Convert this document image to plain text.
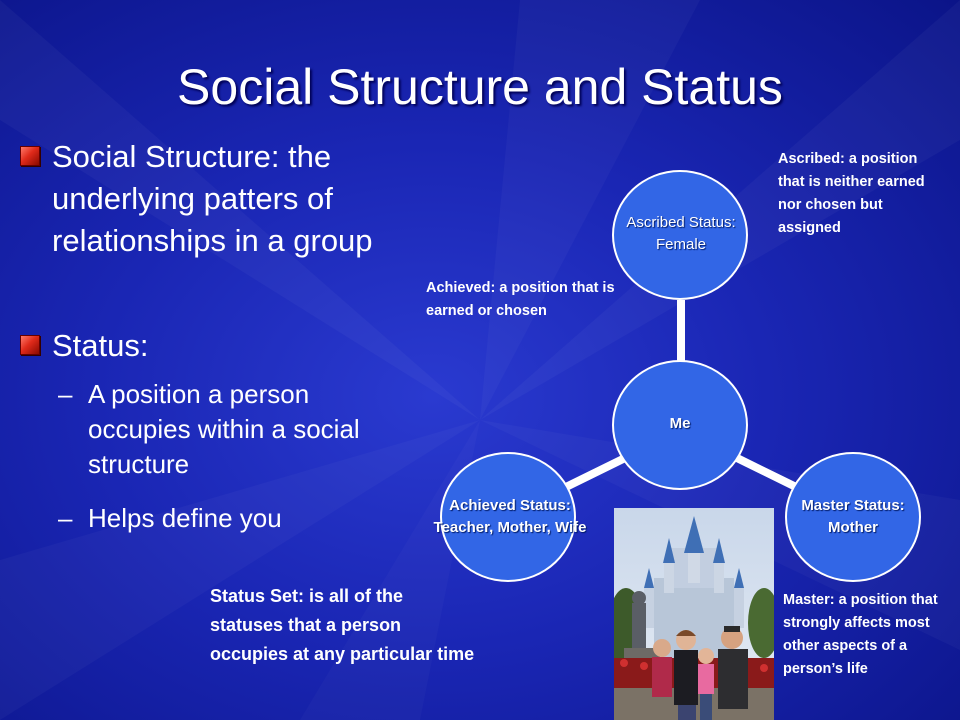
Social Structure and Status
Social Structure: the underlying patters of relationships in a group
Status:
– A position a person occupies within a social structure
– Helps define you
Ascribed Status:
Female
Me
Achieved Status:
Teacher, Mother, Wife
Master Status:
Mother
Ascribed: a position that is neither earned nor chosen but assigned
Achieved: a position that is earned or chosen
Master: a position that strongly affects most other aspects of a person’s life
Status Set: is all of the statuses that a person occupies at any particular time
